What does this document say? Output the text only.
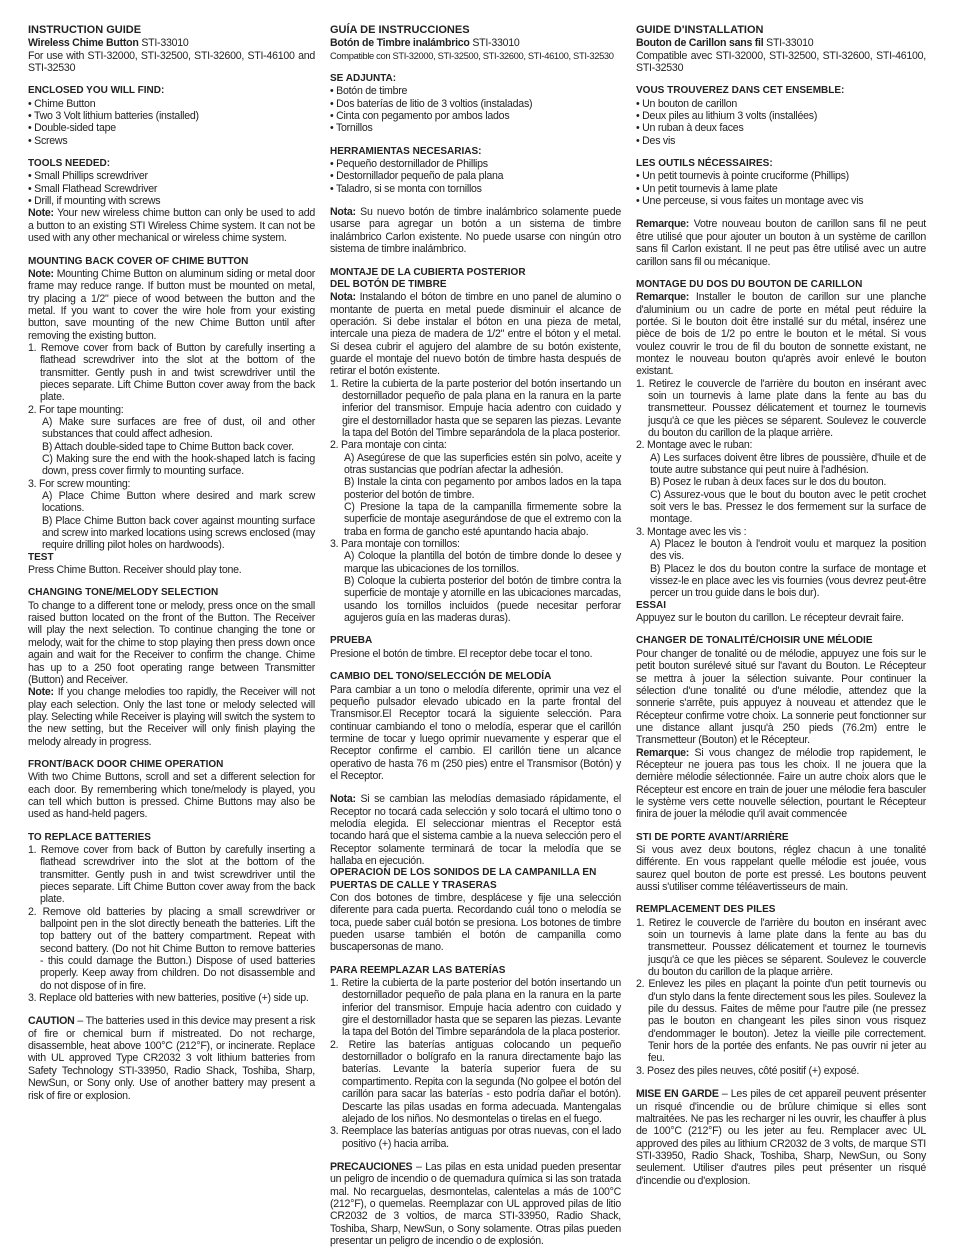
INSTRUCTION GUIDE

Wireless Chime Button STI-33010

For use with STI-32000, STI-32500, STI-32600, STI-46100 and STI-32530

ENCLOSED YOU WILL FIND:

• Chime Button

• Two 3 Volt lithium batteries (installed)

• Double-sided tape

• Screws

TOOLS NEEDED:

• Small Phillips screwdriver

• Small Flathead Screwdriver

• Drill, if mounting with screws

Note: Your new wireless chime button can only be used to add a button to an existing STI Wireless Chime system. It can not be used with any other mechanical or wireless chime system.

MOUNTING BACK COVER OF CHIME BUTTON

Note: Mounting Chime Button on aluminum siding or metal door frame may reduce range. If button must be mounted on metal, try placing a 1/2" piece of wood between the button and the metal. If you want to cover the wire hole from your existing button, save mounting of the new Chime Button until after removing the existing button.

1. Remove cover from back of Button by carefully inserting a flathead screwdriver into the slot at the bottom of the transmitter. Gently push in and twist screwdriver until the pieces separate. Lift Chime Button cover away from the back plate.

2. For tape mounting:

A) Make sure surfaces are free of dust, oil and other substances that could affect adhesion.

B) Attach double-sided tape to Chime Button back cover.

C) Making sure the end with the hook-shaped latch is facing down, press cover firmly to mounting surface.

3. For screw mounting:

A) Place Chime Button where desired and mark screw locations.

B) Place Chime Button back cover against mounting surface and screw into marked locations using screws enclosed (may require drilling pilot holes on hardwoods).

TEST

Press Chime Button. Receiver should play tone.

CHANGING TONE/MELODY SELECTION

To change to a different tone or melody, press once on the small raised button located on the front of the Button. The Receiver will play the next selection. To continue changing the tone or melody, wait for the chime to stop playing then press down once again and wait for the Receiver to confirm the change. Chime has up to a 250 foot operating range between Transmitter (Button) and Receiver.

Note: If you change melodies too rapidly, the Receiver will not play each selection. Only the last tone or melody selected will play. Selecting while Receiver is playing will switch the system to the new setting, but the Receiver will only finish playing the melody already in progress.

FRONT/BACK DOOR CHIME OPERATION

With two Chime Buttons, scroll and set a different selection for each door. By remembering which tone/melody is played, you can tell which button is pressed. Chime Buttons may also be used as hand-held pagers.

TO REPLACE BATTERIES

1. Remove cover from back of Button by carefully inserting a flathead screwdriver into the slot at the bottom of the transmitter. Gently push in and twist screwdriver until the pieces separate. Lift Chime Button cover away from the back plate.

2. Remove old batteries by placing a small screwdriver or ballpoint pen in the slot directly beneath the batteries. Lift the top battery out of the battery compartment. Repeat with second battery. (Do not hit Chime Button to remove batteries - this could damage the Button.) Dispose of used batteries properly. Keep away from children. Do not disassemble and do not dispose of in fire.

3. Replace old batteries with new batteries, positive (+) side up.

CAUTION – The batteries used in this device may present a risk of fire or chemical burn if mistreated. Do not recharge, disassemble, heat above 100°C (212°F), or incinerate. Replace with UL approved Type CR2032 3 volt lithium batteries from Safety Technology STI-33950, Radio Shack, Toshiba, Sharp, NewSun, or Sony only. Use of another battery may present a risk of fire or explosion.

GUÍA DE INSTRUCCIONES

Botón de Timbre inalámbrico STI-33010

Compatible con STI-32000, STI-32500, STI-32600, STI-46100, STI-32530

SE ADJUNTA:

• Botón de timbre

• Dos baterías de litio de 3 voltios (instaladas)

• Cinta con pegamento por ambos lados

• Tornillos

HERRAMIENTAS NECESARIAS:

• Pequeño destornillador de Phillips

• Destornillador pequeño de pala plana

• Taladro, si se monta con tornillos

Nota: Su nuevo botón de timbre inalámbrico solamente puede usarse para agregar un botón a un sistema de timbre inalámbrico Carlon existente. No puede usarse con ningún otro sistema de timbre inalámbrico.

MONTAJE DE LA CUBIERTA POSTERIOR
DEL BOTÓN DE TIMBRE

Nota: Instalando el bóton de timbre en uno panel de alumino o montante de puerta en metal puede disminuir el alcance de operación. Si debe instalar el bóton en una pieza de metal, intercale una pieza de madera de 1/2" entre el bóton y el metal. Si desea cubrir el agujero del alambre de su botón existente, guarde el montaje del nuevo botón de timbre hasta después de retirar el botón existente.

1. Retire la cubierta de la parte posterior del botón insertando un destornillador pequeño de pala plana en la ranura en la parte inferior del transmisor. Empuje hacia adentro con cuidado y gire el destornillador hasta que se separen las piezas. Levante la tapa del Botón del Timbre separándola de la placa posterior.

2. Para montaje con cinta:

A) Asegúrese de que las superficies estén sin polvo, aceite y otras sustancias que podrían afectar la adhesión.

B) Instale la cinta con pegamento por ambos lados en la tapa posterior del botón de timbre.

C) Presione la tapa de la campanilla firmemente sobre la superficie de montaje asegurándose de que el extremo con la traba en forma de gancho esté apuntando hacia abajo.

3. Para montaje con tornillos:

A) Coloque la plantilla del botón de timbre donde lo desee y marque las ubicaciones de los tornillos.

B) Coloque la cubierta posterior del botón de timbre contra la superficie de montaje y atornille en las ubicaciones marcadas, usando los tornillos incluidos (puede necesitar perforar agujeros guía en las maderas duras).

PRUEBA

Presione el botón de timbre. El receptor debe tocar el tono.

CAMBIO DEL TONO/SELECCIÓN DE MELODÍA

Para cambiar a un tono o melodía diferente, oprimir una vez el pequeño pulsador elevado ubicado en la parte frontal del Transmisor.El Receptor tocará la siguiente selección. Para continuar cambiando el tono o melodía, esperar que el carillón termine de tocar y luego oprimir nuevamente y esperar que el Receptor confirme el cambio. El carillón tiene un alcance operativo de hasta 76 m (250 pies) entre el Transmisor (Botón) y el Receptor.

Nota: Si se cambian las melodías demasiado rápidamente, el Receptor no tocará cada selección y solo tocará el ultimo tono o melodía elegida. El seleccionar mientras el Receptor está tocando hará que el sistema cambie a la nueva selección pero el Receptor solamente terminará de tocar la melodía que se hallaba en ejecución.

OPERACION DE LOS SONIDOS DE LA CAMPANILLA EN
PUERTAS DE CALLE Y TRASERAS

Con dos botones de timbre, desplácese y fije una selección diferente para cada puerta. Recordando cuál tono o melodía se toca, puede saber cuál botón se presiona. Los botones de timbre pueden usarse también el botón de campanilla como buscapersonas de mano.

PARA REEMPLAZAR LAS BATERÍAS

1. Retire la cubierta de la parte posterior del botón insertando un destornillador pequeño de pala plana en la ranura en la parte inferior del transmisor. Empuje hacia adentro con cuidado y gire el destornillador hasta que se separen las piezas. Levante la tapa del Botón del Timbre separándola de la placa posterior.

2. Retire las baterías antiguas colocando un pequeño destornillador o bolígrafo en la ranura directamente bajo las baterías. Levante la batería superior fuera de su compartimento. Repita con la segunda (No golpee el botón del carillón para sacar las baterías - esto podría dañar el botón). Descarte las pilas usadas en forma adecuada. Mantengalas alejado de los niños. No desmontelas o tirelas en el fuego.

3. Reemplace las baterías antiguas por otras nuevas, con el lado positivo (+) hacia arriba.

PRECAUCIONES – Las pilas en esta unidad pueden presentar un peligro de incendio o de quemadura química si las son tratada mal. No recarguelas, desmontelas, calentelas a más de 100°C (212°F), o quemelas. Reemplazar con UL approved pilas de litio CR2032 de 3 voltios, de marca STI-33950, Radio Shack, Toshiba, Sharp, NewSun, o Sony solamente. Otras pilas pueden presentar un peligro de incendio o de explosión.

GUIDE D'INSTALLATION

Bouton de Carillon sans fil STI-33010

Compatible avec STI-32000, STI-32500, STI-32600, STI-46100, STI-32530

VOUS TROUVEREZ DANS CET ENSEMBLE:

• Un bouton de carillon

• Deux piles au lithium 3 volts (installées)

• Un ruban à deux faces

• Des vis

LES OUTILS NÉCESSAIRES:

• Un petit tournevis à pointe cruciforme (Phillips)

• Un petit tournevis à lame plate

• Une perceuse, si vous faites un montage avec vis

Remarque: Votre nouveau bouton de carillon sans fil ne peut être utilisé que pour ajouter un bouton à un système de carillon sans fil Carlon existant. Il ne peut pas être utilisé avec un autre carillon sans fil ou mécanique.

MONTAGE DU DOS DU BOUTON DE CARILLON

Remarque: Installer le bouton de carillon sur une planche d'aluminium ou un cadre de porte en métal peut réduire la portée. Si le bouton doit être installé sur du métal, insérez une pièce de bois de 1/2 po entre le bouton et le métal. Si vous voulez couvrir le trou de fil du bouton de sonnette existant, ne montez le nouveau bouton qu'après avoir enlevé le bouton existant.

1. Retirez le couvercle de l'arrière du bouton en insérant avec soin un tournevis à lame plate dans la fente au bas du transmetteur. Poussez délicatement et tournez le tournevis jusqu'à ce que les pièces se séparent. Soulevez le couvercle du bouton du carillon de la plaque arrière.

2. Montage avec le ruban:

A) Les surfaces doivent être libres de poussière, d'huile et de toute autre substance qui peut nuire à l'adhésion.

B) Posez le ruban à deux faces sur le dos du bouton.

C) Assurez-vous que le bout du bouton avec le petit crochet soit vers le bas. Pressez le dos fermement sur la surface de montage.

3. Montage avec les vis :

A) Placez le bouton à l'endroit voulu et marquez la position des vis.

B) Placez le dos du bouton contre la surface de montage et vissez-le en place avec les vis fournies (vous devrez peut-être percer un trou guide dans le bois dur).

ESSAI

Appuyez sur le bouton du carillon. Le récepteur devrait faire.

CHANGER DE TONALITÉ/CHOISIR UNE MÉLODIE

Pour changer de tonalité ou de mélodie, appuyez une fois sur le petit bouton surélevé situé sur l'avant du Bouton. Le Récepteur se mettra à jouer la sélection suivante. Pour continuer la sélection d'une tonalité ou d'une mélodie, attendez que la sonnerie s'arrête, puis appuyez à nouveau et attendez que le Récepteur confirme votre choix. La sonnerie peut fonctionner sur une distance allant jusqu'à 250 pieds (76.2m) entre le Transmetteur (Bouton) et le Récepteur.

Remarque: Si vous changez de mélodie trop rapidement, le Récepteur ne jouera pas tous les choix. Il ne jouera que la dernière mélodie sélectionnée. Faire un autre choix alors que le Récepteur est encore en train de jouer une mélodie fera basculer le système vers cette nouvelle sélection, pourtant le Récepteur finira de jouer la mélodie qu'il avait commencée

STI DE PORTE AVANT/ARRIÈRE

Si vous avez deux boutons, réglez chacun à une tonalité différente. En vous rappelant quelle mélodie est jouée, vous saurez quel bouton de porte est pressé. Les boutons peuvent aussi s'utiliser comme téléavertisseurs de main.

REMPLACEMENT DES PILES

1. Retirez le couvercle de l'arrière du bouton en insérant avec soin un tournevis à lame plate dans la fente au bas du transmetteur. Poussez délicatement et tournez le tournevis jusqu'à ce que les pièces se séparent. Soulevez le couvercle du bouton du carillon de la plaque arrière.

2. Enlevez les piles en plaçant la pointe d'un petit tournevis ou d'un stylo dans la fente directement sous les piles. Soulevez la pile du dessus. Faites de même pour l'autre pile (ne pressez pas le bouton en changeant les piles sinon vous risquez d'endommager le bouton). Jetez la vieille pile correctement. Tenir hors de la portée des enfants. Ne pas ouvrir ni jeter au feu.

3. Posez des piles neuves, côté positif (+) exposé.

MISE EN GARDE – Les piles de cet appareil peuvent présenter un risqué d'incendie ou de brûlure chimique si elles sont maltraitées. Ne pas les recharger ni les ouvrir, les chauffer à plus de 100°C (212°F) ou les jeter au feu. Remplacer avec UL approved des piles au lithium CR2032 de 3 volts, de marque STI STI-33950, Radio Shack, Toshiba, Sharp, NewSun, ou Sony seulement. Utiliser d'autres piles peut présenter un risqué d'incendie ou d'explosion.
